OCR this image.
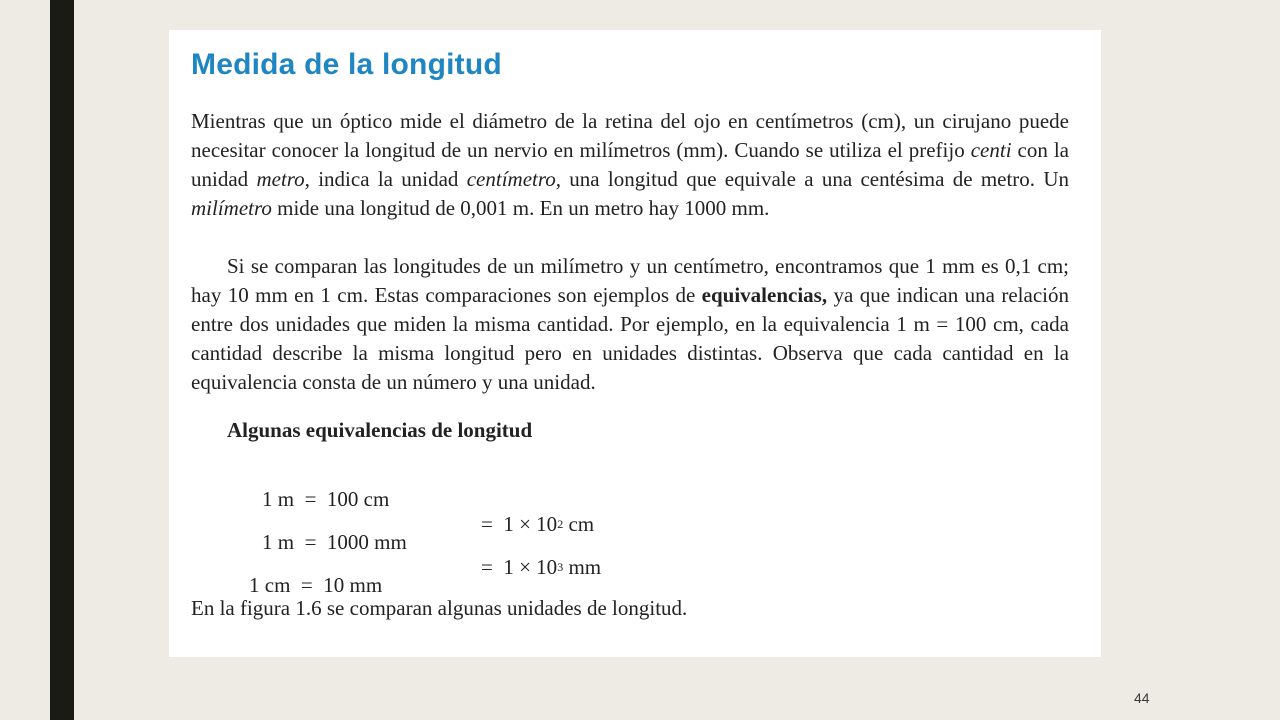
Medida de la longitud

Mientras que un óptico mide el diámetro de la retina del ojo en centímetros (cm), un cirujano puede necesitar conocer la longitud de un nervio en milímetros (mm). Cuando se utiliza el prefijo centi con la unidad metro, indica la unidad centímetro, una longitud que equivale a una centésima de metro. Un milímetro mide una longitud de 0,001 m. En un metro hay 1000 mm.

Si se comparan las longitudes de un milímetro y un centímetro, encontramos que 1 mm es 0,1 cm; hay 10 mm en 1 cm. Estas comparaciones son ejemplos de equivalencias, ya que indican una relación entre dos unidades que miden la misma cantidad. Por ejemplo, en la equivalencia 1 m = 100 cm, cada cantidad describe la misma longitud pero en unidades distintas. Observa que cada cantidad en la equivalencia consta de un número y una unidad.

Algunas equivalencias de longitud

1 m  =  100 cm

=  $1 \times 10^2$ cm

1 m  =  1000 mm

=  $1 \times 10^3$ mm

1 cm  =  10 mm

En la figura 1.6 se comparan algunas unidades de longitud.

44
